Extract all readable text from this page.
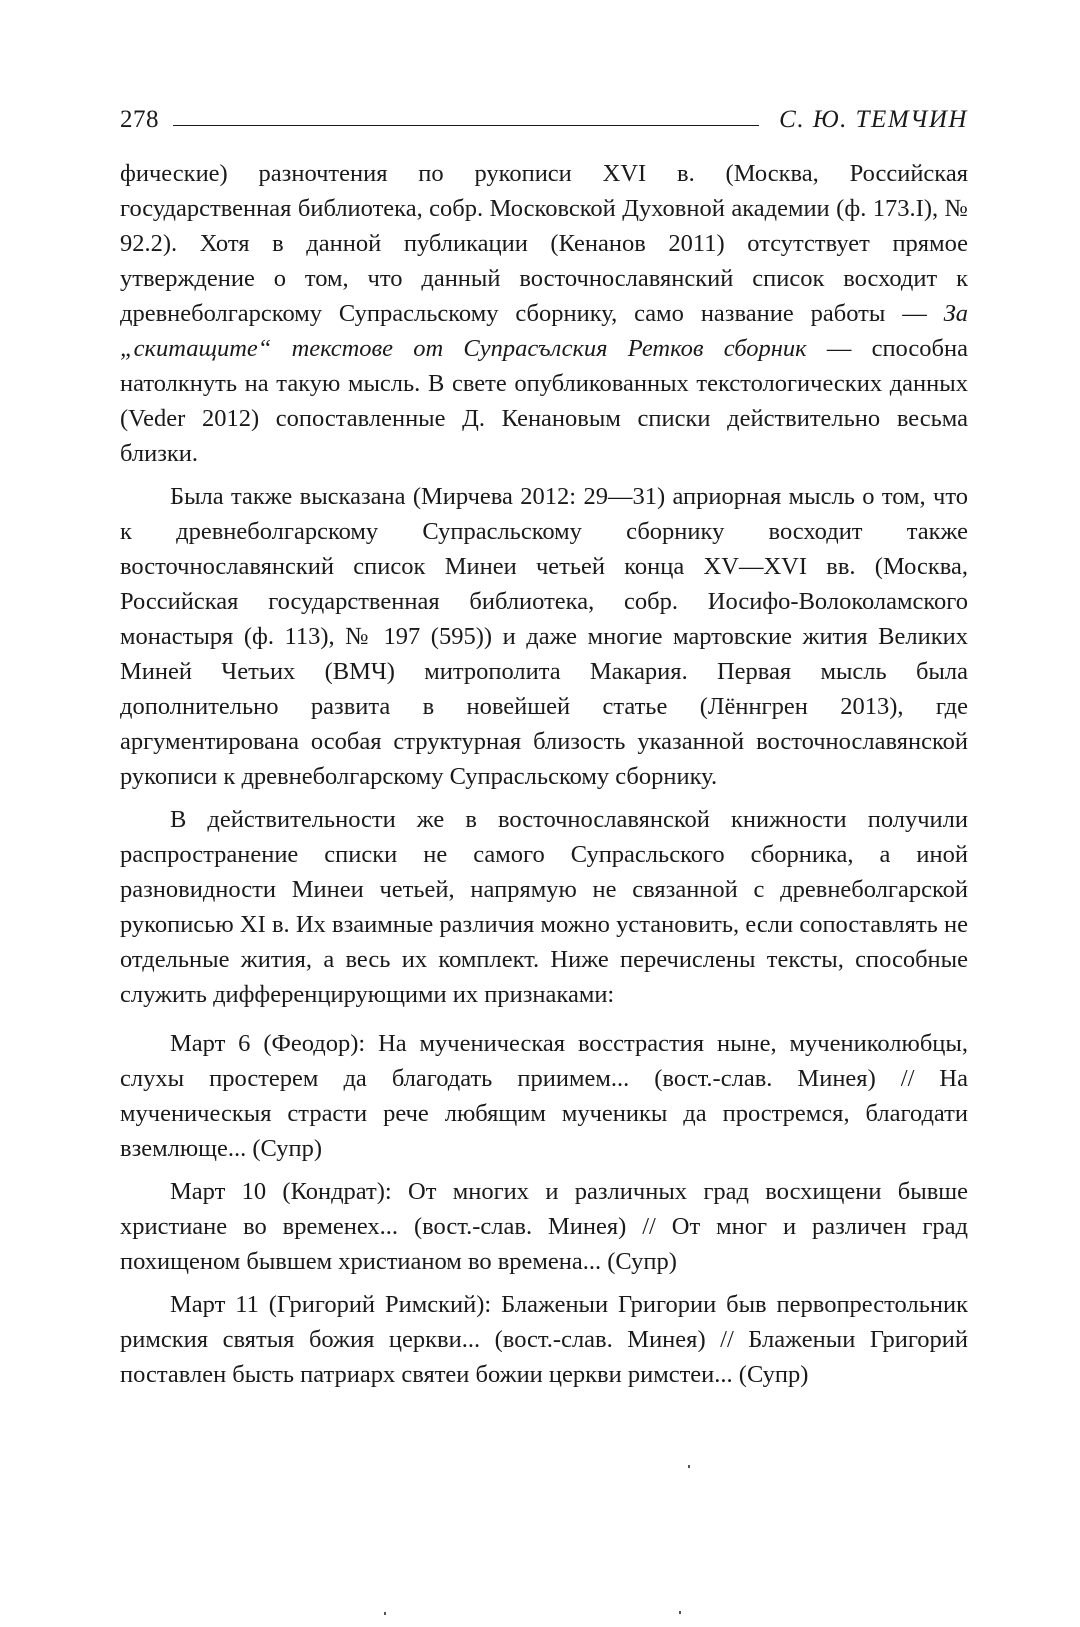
278	С. Ю. ТЕМЧИН

фические) разночтения по рукописи XVI в. (Москва, Российская государственная библиотека, собр. Московской Духовной академии (ф. 173.I), № 92.2). Хотя в данной публикации (Кенанов 2011) отсутствует прямое утверждение о том, что данный восточнославянский список восходит к древнеболгарскому Супрасльскому сборнику, само название работы — За „скитащите“ текстове от Супрасълския Ретков сборник — способна натолкнуть на такую мысль. В свете опубликованных текстологических данных (Veder 2012) сопоставленные Д. Кенановым списки действительно весьма близки.

Была также высказана (Мирчева 2012: 29—31) априорная мысль о том, что к древнеболгарскому Супрасльскому сборнику восходит также восточнославянский список Минеи четьей конца XV—XVI вв. (Москва, Российская государственная библиотека, собр. Иосифо-Волоколамского монастыря (ф. 113), № 197 (595)) и даже многие мартовские жития Великих Миней Четьих (ВМЧ) митрополита Макария. Первая мысль была дополнительно развита в новейшей статье (Лённгрен 2013), где аргументирована особая структурная близость указанной восточнославянской рукописи к древнеболгарскому Супрасльскому сборнику.

В действительности же в восточнославянской книжности получили распространение списки не самого Супрасльского сборника, а иной разновидности Минеи четьей, напрямую не связанной с древнеболгарской рукописью XI в. Их взаимные различия можно установить, если сопоставлять не отдельные жития, а весь их комплект. Ниже перечислены тексты, способные служить дифференцирующими их признаками:

Март 6 (Феодор): На мученическая восстрастия ныне, мучениколюбцы, слухы простерем да благодать приимем... (вост.-слав. Минея) // На мученическыя страсти рече любящим мученикы да простремся, благодати вземлюще... (Супр)

Март 10 (Кондрат): От многих и различных град восхищени бывше христиане во временех... (вост.-слав. Минея) // От мног и различен град похищеном бывшем христианом во времена... (Супр)

Март 11 (Григорий Римский): Блаженыи Григории быв первопрестольник римския святыя божия церкви... (вост.-слав. Минея) // Блаженыи Григорий поставлен бысть патриарх святеи божии церкви римстеи... (Супр)
